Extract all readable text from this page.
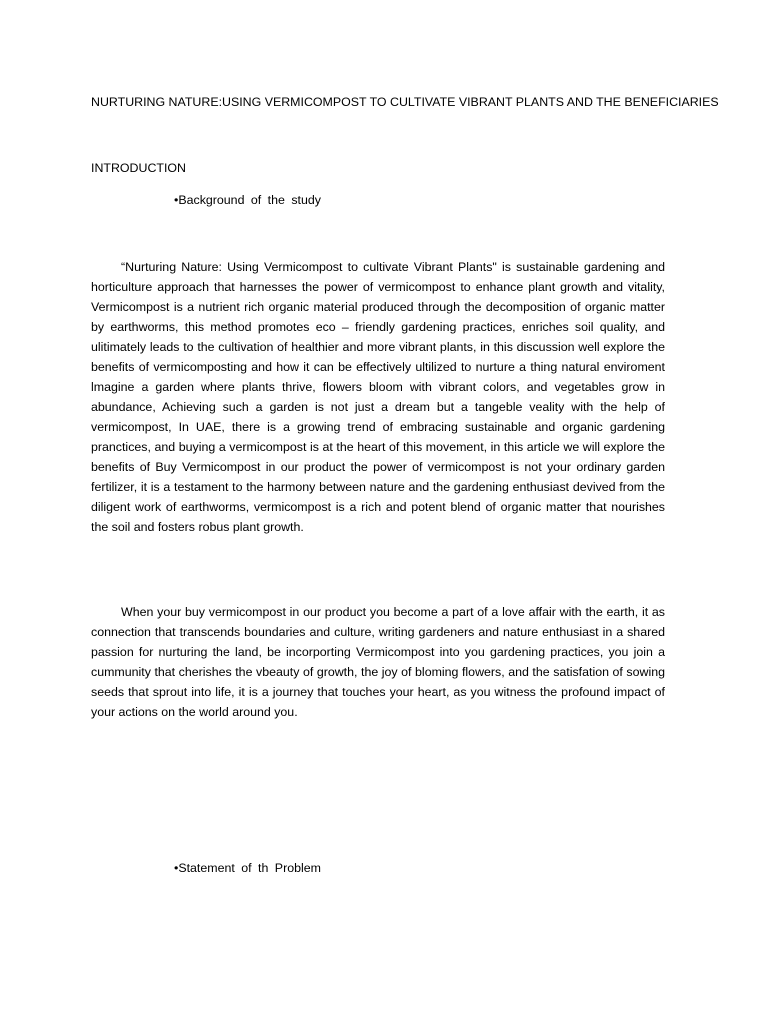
NURTURING NATURE:USING VERMICOMPOST TO CULTIVATE VIBRANT PLANTS AND THE BENEFICIARIES
INTRODUCTION
•Background of the study

“Nurturing Nature: Using Vermicompost to cultivate Vibrant Plants" is sustainable gardening and horticulture approach that harnesses the power of vermicompost to enhance plant growth and vitality, Vermicompost is a nutrient rich organic material produced through the decomposition of organic matter by earthworms, this method promotes eco – friendly gardening practices, enriches soil quality, and ulitimately leads to the cultivation of healthier and more vibrant plants, in this discussion well explore the benefits of vermicomposting and how it can be effectively ultilized to nurture a thing natural enviroment lmagine a garden where plants thrive, flowers bloom with vibrant colors, and vegetables grow in abundance, Achieving such a garden is not just a dream but a tangeble veality with the help of vermicompost, In UAE, there is a growing trend of embracing sustainable and organic gardening pranctices, and buying a vermicompost is at the heart of this movement, in this article we will explore the benefits of Buy Vermicompost in our product the power of vermicompost is not your ordinary garden fertilizer, it is a testament to the harmony between nature and the gardening enthusiast devived from the diligent work of earthworms, vermicompost is a rich and potent blend of organic matter that nourishes the soil and fosters robus plant growth.

When your buy vermicompost in our product you become a part of a love affair with the earth, it as connection that transcends boundaries and culture, writing gardeners and nature enthusiast in a shared passion for nurturing the land, be incorporting Vermicompost into you gardening practices, you join a cummunity that cherishes the vbeauty of growth, the joy of bloming flowers, and the satisfation of sowing seeds that sprout into life, it is a journey that touches your heart, as you witness the profound impact of your actions on the world around you.

•Statement of th Problem
